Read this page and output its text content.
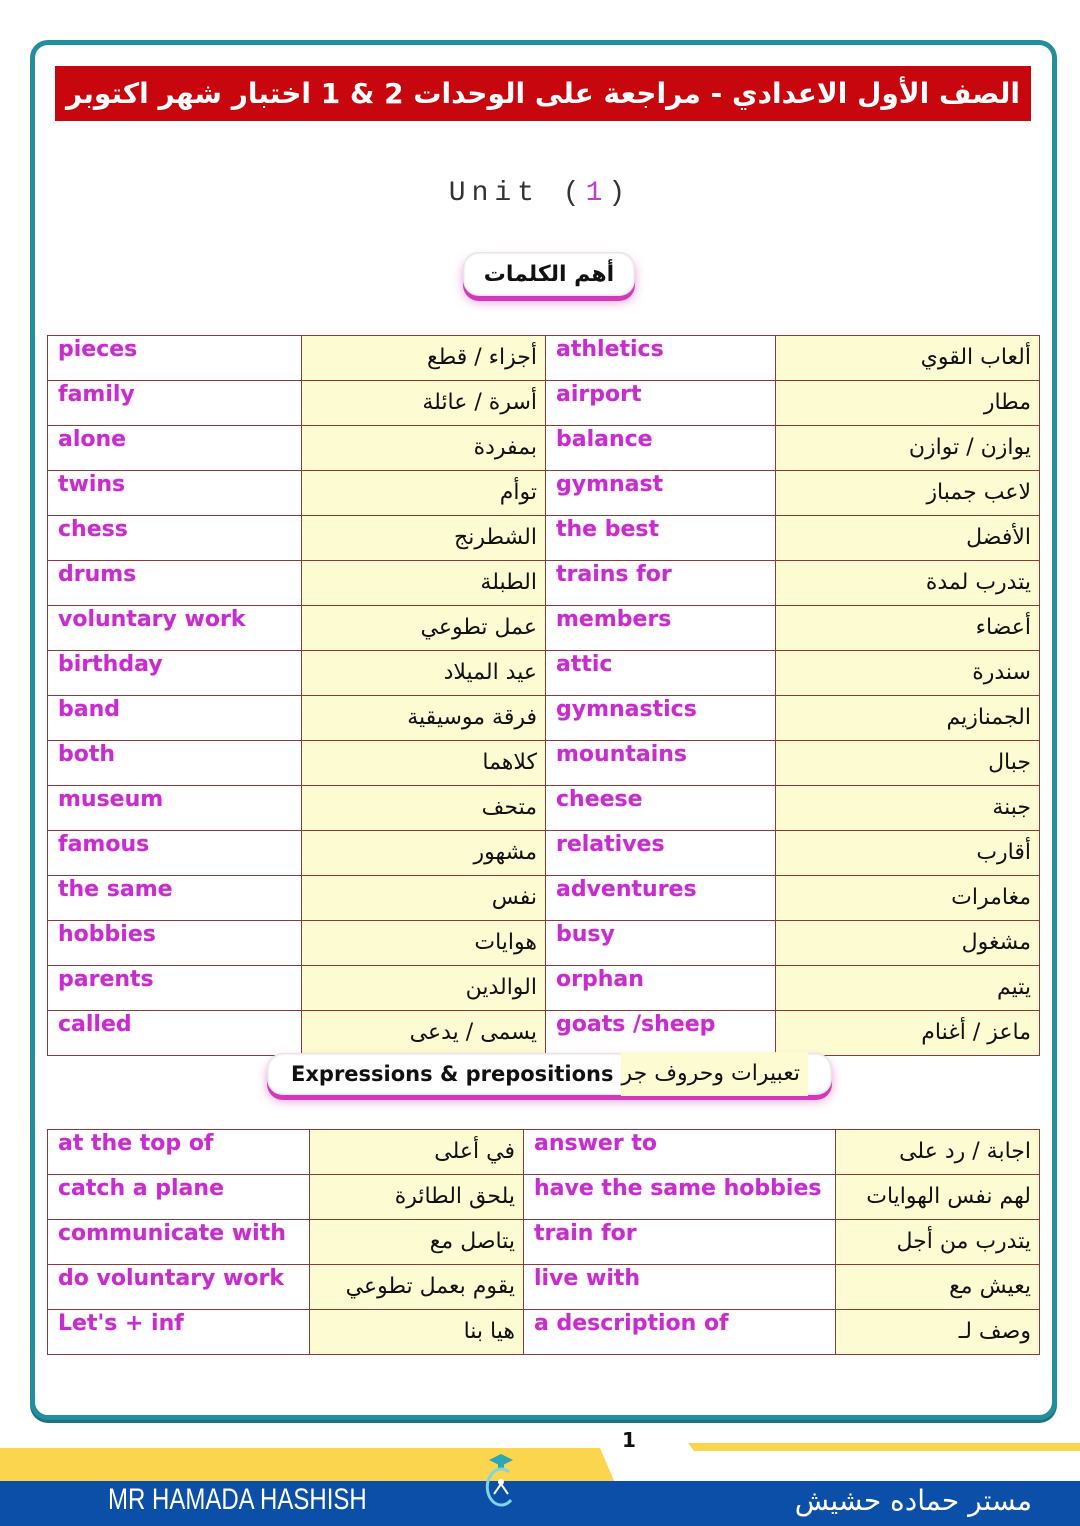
الصف الأول الاعدادي - مراجعة على الوحدات 2 & 1 اختبار شهر اكتوبر
Unit (1)
أهم الكلمات
pieces	أجزاء / قطع	athletics	ألعاب القوي
family	أسرة / عائلة	airport	مطار
alone	بمفردة	balance	يوازن / توازن
twins	توأم	gymnast	لاعب جمباز
chess	الشطرنج	the best	الأفضل
drums	الطبلة	trains for	يتدرب لمدة
voluntary work	عمل تطوعي	members	أعضاء
birthday	عيد الميلاد	attic	سندرة
band	فرقة موسيقية	gymnastics	الجمنازيم
both	كلاهما	mountains	جبال
museum	متحف	cheese	جبنة
famous	مشهور	relatives	أقارب
the same	نفس	adventures	مغامرات
hobbies	هوايات	busy	مشغول
parents	الوالدين	orphan	يتيم
called	يسمى / يدعى	goats /sheep	ماعز / أغنام
تعبيرات وحروف جر
Expressions & prepositions
at the top of	في أعلى	answer to	اجابة / رد على
catch a plane	يلحق الطائرة	have the same hobbies	لهم نفس الهوايات
communicate with	يتاصل مع	train for	يتدرب من أجل
do voluntary work	يقوم بعمل تطوعي	live with	يعيش مع
Let's + inf	هيا بنا	a description of	وصف لـ
1
MR HAMADA HASHISH	مستر حماده حشيش
